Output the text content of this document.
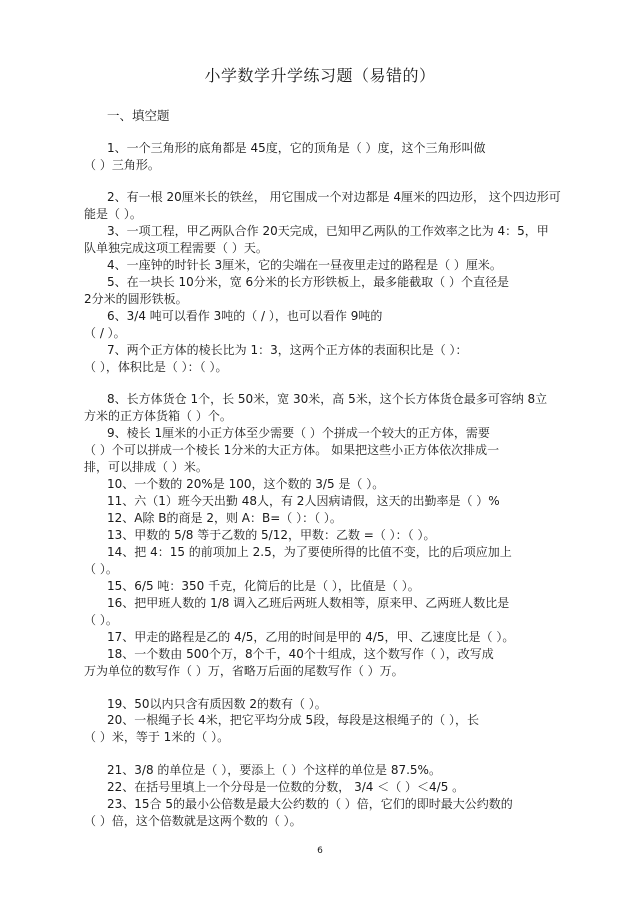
小学数学升学练习题（易错的）
一、填空题
1、一个三角形的底角都是 45度，它的顶角是（ ）度，这个三角形叫做
（ ）三角形。
2、有一根 20厘米长的铁丝， 用它围成一个对边都是 4厘米的四边形， 这个四边形可
能是（ ）。
3、一项工程，甲乙两队合作 20天完成，已知甲乙两队的工作效率之比为 4：5，甲
队单独完成这项工程需要（ ）天。
4、一座钟的时针长 3厘米，它的尖端在一昼夜里走过的路程是（ ）厘米。
5、在一块长 10分米，宽 6分米的长方形铁板上，最多能截取（ ）个直径是
2分米的圆形铁板。
6、3/4 吨可以看作 3吨的（ / ），也可以看作 9吨的
（ / ）。
7、两个正方体的棱长比为 1：3，这两个正方体的表面积比是（ ）：
（ ），体积比是（ ）：（ ）。
8、长方体货仓 1个，长 50米，宽 30米，高 5米，这个长方体货仓最多可容纳 8立
方米的正方体货箱（ ）个。
9、棱长 1厘米的小正方体至少需要（ ）个拼成一个较大的正方体，需要
（ ）个可以拼成一个棱长 1分米的大正方体。 如果把这些小正方体依次排成一
排，可以排成（ ）米。
10、一个数的 20%是 100，这个数的 3/5 是（ ）。
11、六（1）班今天出勤 48人，有 2人因病请假，这天的出勤率是（ ）%
12、A除 B的商是 2，则 A：B=（ ）：（ ）。
13、甲数的 5/8 等于乙数的 5/12，甲数：乙数 =（ ）：（ ）。
14、把 4：15 的前项加上 2.5，为了要使所得的比值不变，比的后项应加上
（ ）。
15、6/5 吨：350 千克，化简后的比是（ ），比值是（ ）。
16、把甲班人数的 1/8 调入乙班后两班人数相等，原来甲、乙两班人数比是
（ ）。
17、甲走的路程是乙的 4/5，乙用的时间是甲的 4/5，甲、乙速度比是（ ）。
18、一个数由 500个万，8个千，40个十组成，这个数写作（ ），改写成
万为单位的数写作（ ）万，省略万后面的尾数写作（ ）万。
19、50以内只含有质因数 2的数有（ ）。
20、一根绳子长 4米，把它平均分成 5段，每段是这根绳子的（ ），长
（ ）米，等于 1米的（ ）。
21、3/8 的单位是（ ），要添上（ ）个这样的单位是 87.5%。
22、在括号里填上一个分母是一位数的分数， 3/4 ＜（ ）＜4/5 。
23、15合 5的最小公倍数是最大公约数的（ ）倍，它们的即时最大公约数的
（ ）倍，这个倍数就是这两个数的（ ）。
6
